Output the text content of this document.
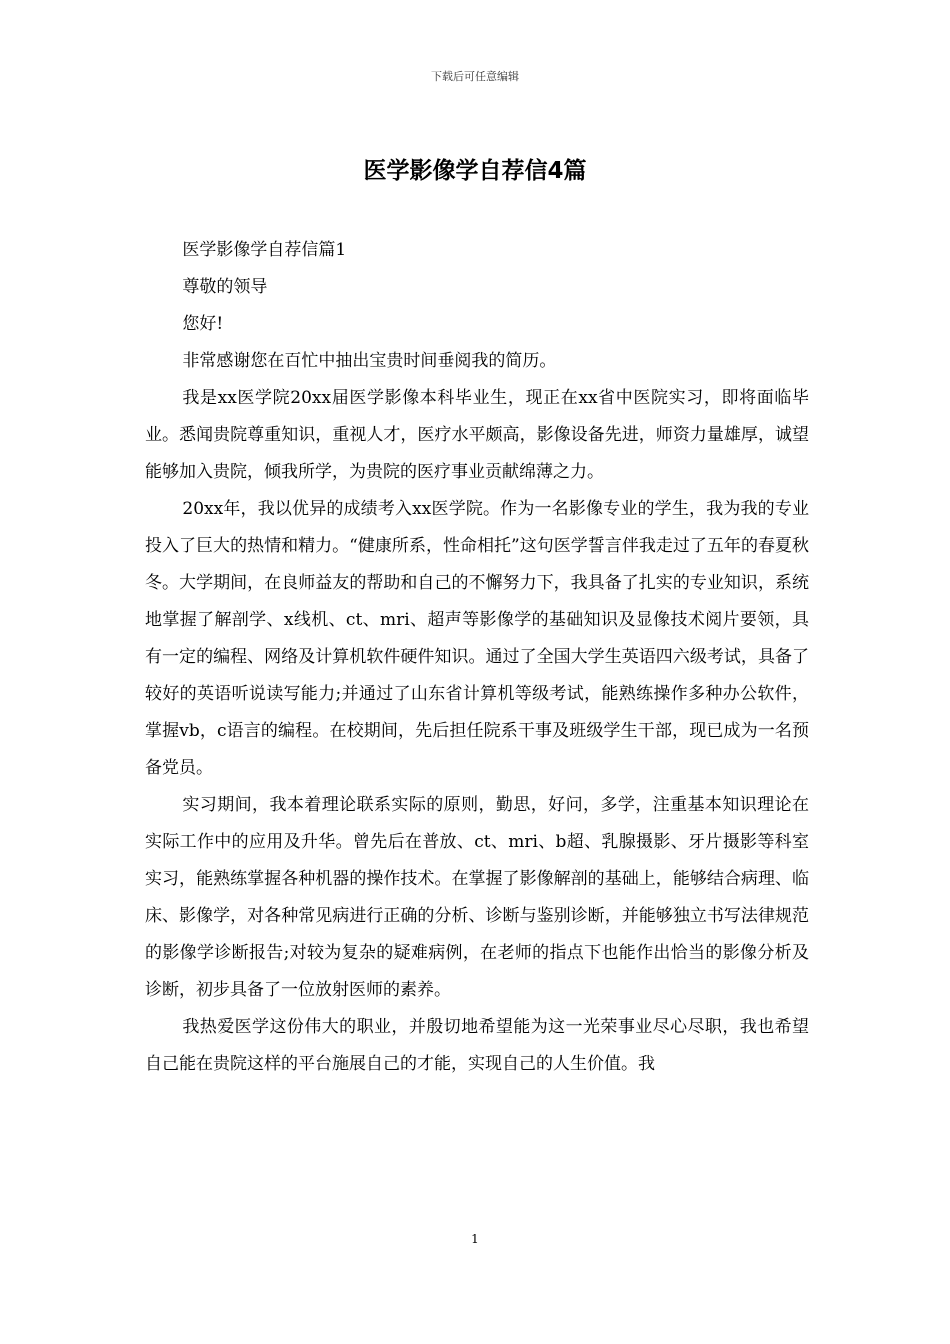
下载后可任意编辑
医学影像学自荐信4篇

医学影像学自荐信篇1

尊敬的领导

您好!

非常感谢您在百忙中抽出宝贵时间垂阅我的简历。

我是xx医学院20xx届医学影像本科毕业生，现正在xx省中医院实习，即将面临毕业。悉闻贵院尊重知识，重视人才，医疗水平颇高，影像设备先进，师资力量雄厚，诚望能够加入贵院，倾我所学，为贵院的医疗事业贡献绵薄之力。

20xx年，我以优异的成绩考入xx医学院。作为一名影像专业的学生，我为我的专业投入了巨大的热情和精力。“健康所系，性命相托”这句医学誓言伴我走过了五年的春夏秋冬。大学期间，在良师益友的帮助和自己的不懈努力下，我具备了扎实的专业知识，系统地掌握了解剖学、x线机、ct、mri、超声等影像学的基础知识及显像技术阅片要领，具有一定的编程、网络及计算机软件硬件知识。通过了全国大学生英语四六级考试，具备了较好的英语听说读写能力;并通过了山东省计算机等级考试，能熟练操作多种办公软件，掌握vb，c语言的编程。在校期间，先后担任院系干事及班级学生干部，现已成为一名预备党员。

实习期间，我本着理论联系实际的原则，勤思，好问，多学，注重基本知识理论在实际工作中的应用及升华。曾先后在普放、ct、mri、b超、乳腺摄影、牙片摄影等科室实习，能熟练掌握各种机器的操作技术。在掌握了影像解剖的基础上，能够结合病理、临床、影像学，对各种常见病进行正确的分析、诊断与鉴别诊断，并能够独立书写法律规范的影像学诊断报告;对较为复杂的疑难病例，在老师的指点下也能作出恰当的影像分析及诊断，初步具备了一位放射医师的素养。

我热爱医学这份伟大的职业，并殷切地希望能为这一光荣事业尽心尽职，我也希望自己能在贵院这样的平台施展自己的才能，实现自己的人生价值。我

1
